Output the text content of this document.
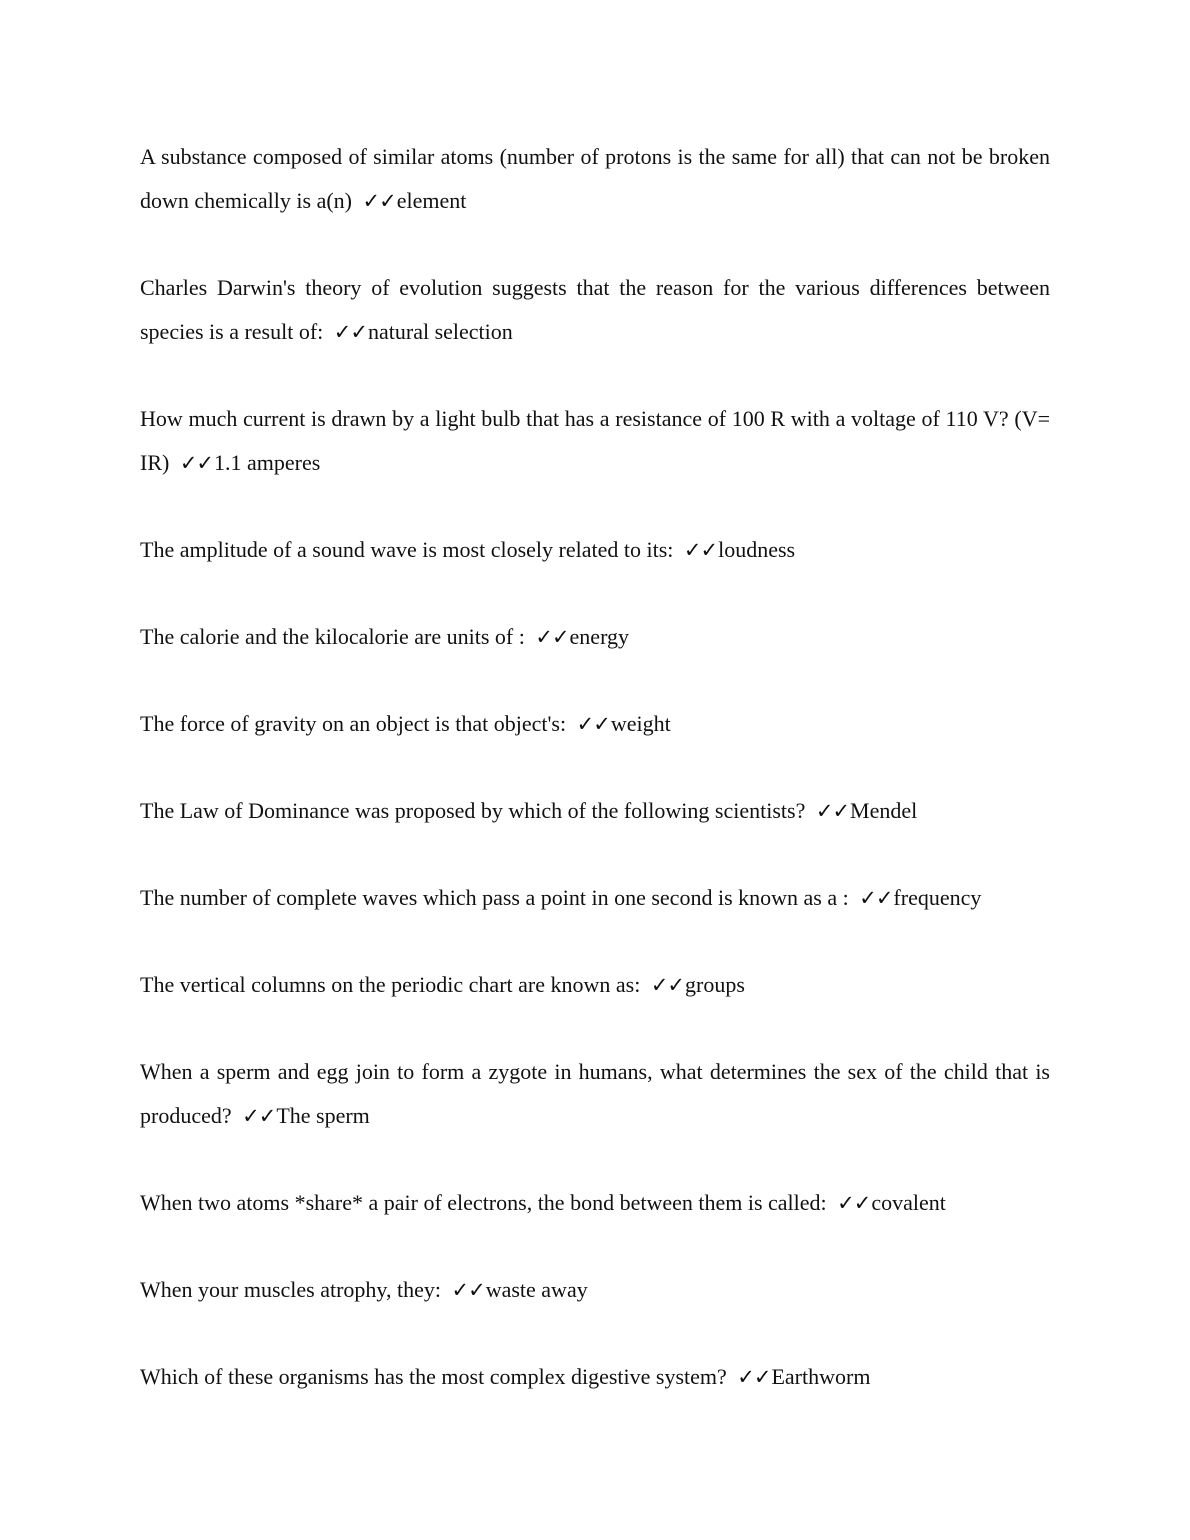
A substance composed of similar atoms (number of protons is the same for all) that can not be broken down chemically is a(n) ✓✓element
Charles Darwin's theory of evolution suggests that the reason for the various differences between species is a result of: ✓✓natural selection
How much current is drawn by a light bulb that has a resistance of 100 R with a voltage of 110 V? (V= IR) ✓✓1.1 amperes
The amplitude of a sound wave is most closely related to its: ✓✓loudness
The calorie and the kilocalorie are units of : ✓✓energy
The force of gravity on an object is that object's: ✓✓weight
The Law of Dominance was proposed by which of the following scientists? ✓✓Mendel
The number of complete waves which pass a point in one second is known as a : ✓✓frequency
The vertical columns on the periodic chart are known as: ✓✓groups
When a sperm and egg join to form a zygote in humans, what determines the sex of the child that is produced? ✓✓The sperm
When two atoms *share* a pair of electrons, the bond between them is called: ✓✓covalent
When your muscles atrophy, they: ✓✓waste away
Which of these organisms has the most complex digestive system? ✓✓Earthworm
